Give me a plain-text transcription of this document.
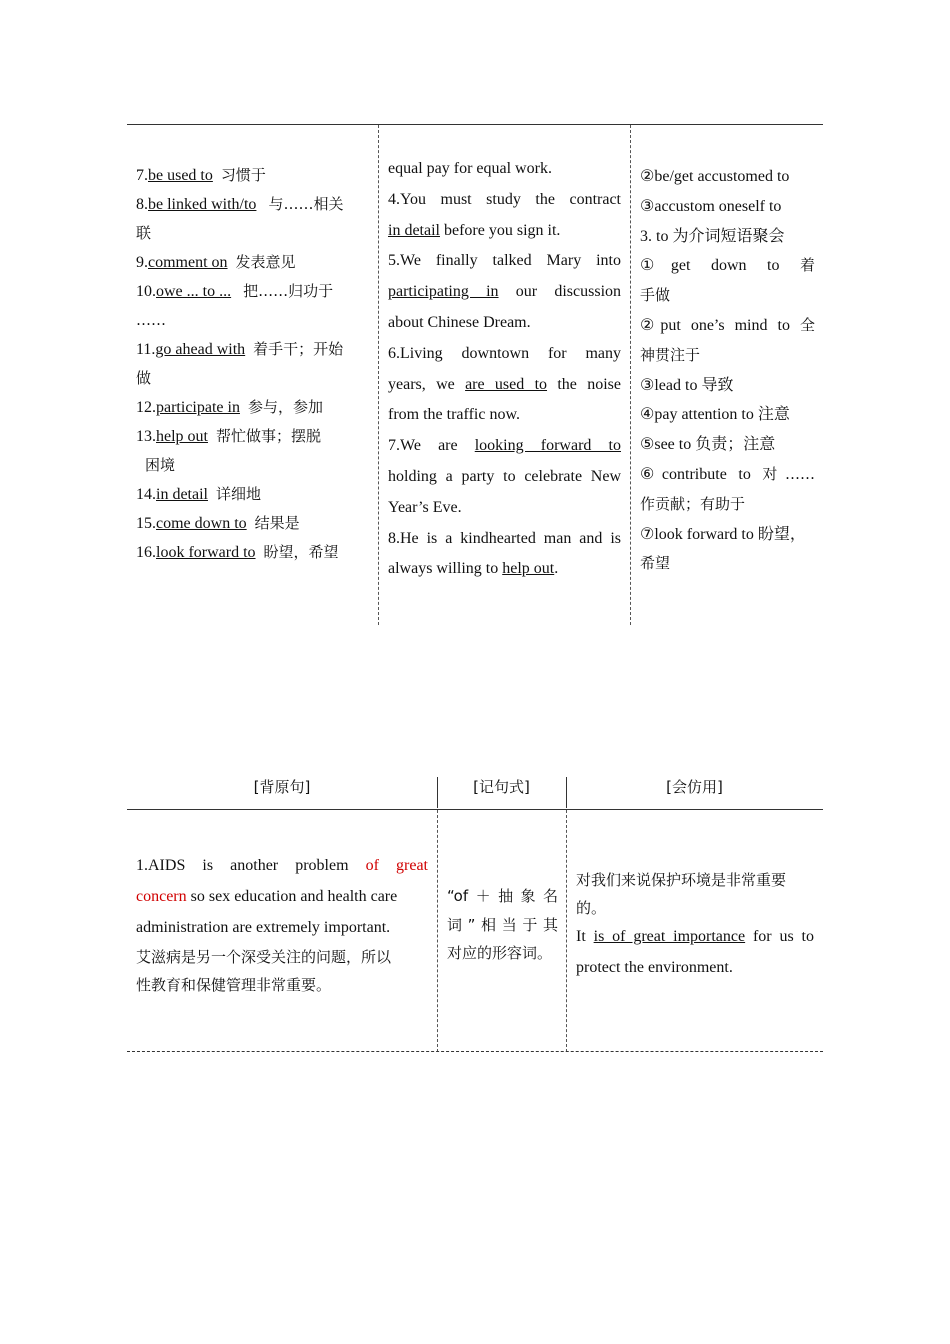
7.be used to 习惯于

8.be linked with/to 与……相关

联

9.comment on 发表意见

10.owe ... to ... 把……归功于

……

11.go ahead with 着手干；开始

做

12.participate in 参与，参加

13.help out 帮忙做事；摆脱

困境

14.in detail 详细地

15.come down to 结果是

16.look forward to 盼望，希望

equal pay for equal work.

4.You must study the contract

in detail before you sign it.

5.We finally talked Mary into

participating in our discussion

about Chinese Dream.

6.Living downtown for many

years, we are used to the noise

from the traffic now.

7.We are looking forward to

holding a party to celebrate New

Year’s Eve.

8.He is a kindhearted man and is

always willing to help out.

②be/get accustomed to

③accustom oneself to

3. to 为介词短语聚会

①get down to 着

手做

②put one’s mind to 全

神贯注于

③lead to 导致

④pay attention to 注意

⑤see to 负责；注意

⑥contribute to 对……

作贡献；有助于

⑦look forward to 盼望，

希望

[背原句]	[记句式]	[会仿用]

1.AIDS is another problem of great

concern so sex education and health care

administration are extremely important.

艾滋病是另一个深受关注的问题，所以

性教育和保健管理非常重要。

“of＋抽象名

词”相当于其

对应的形容词。

对我们来说保护环境是非常重要

的。

It is of great importance for us to

protect the environment.
